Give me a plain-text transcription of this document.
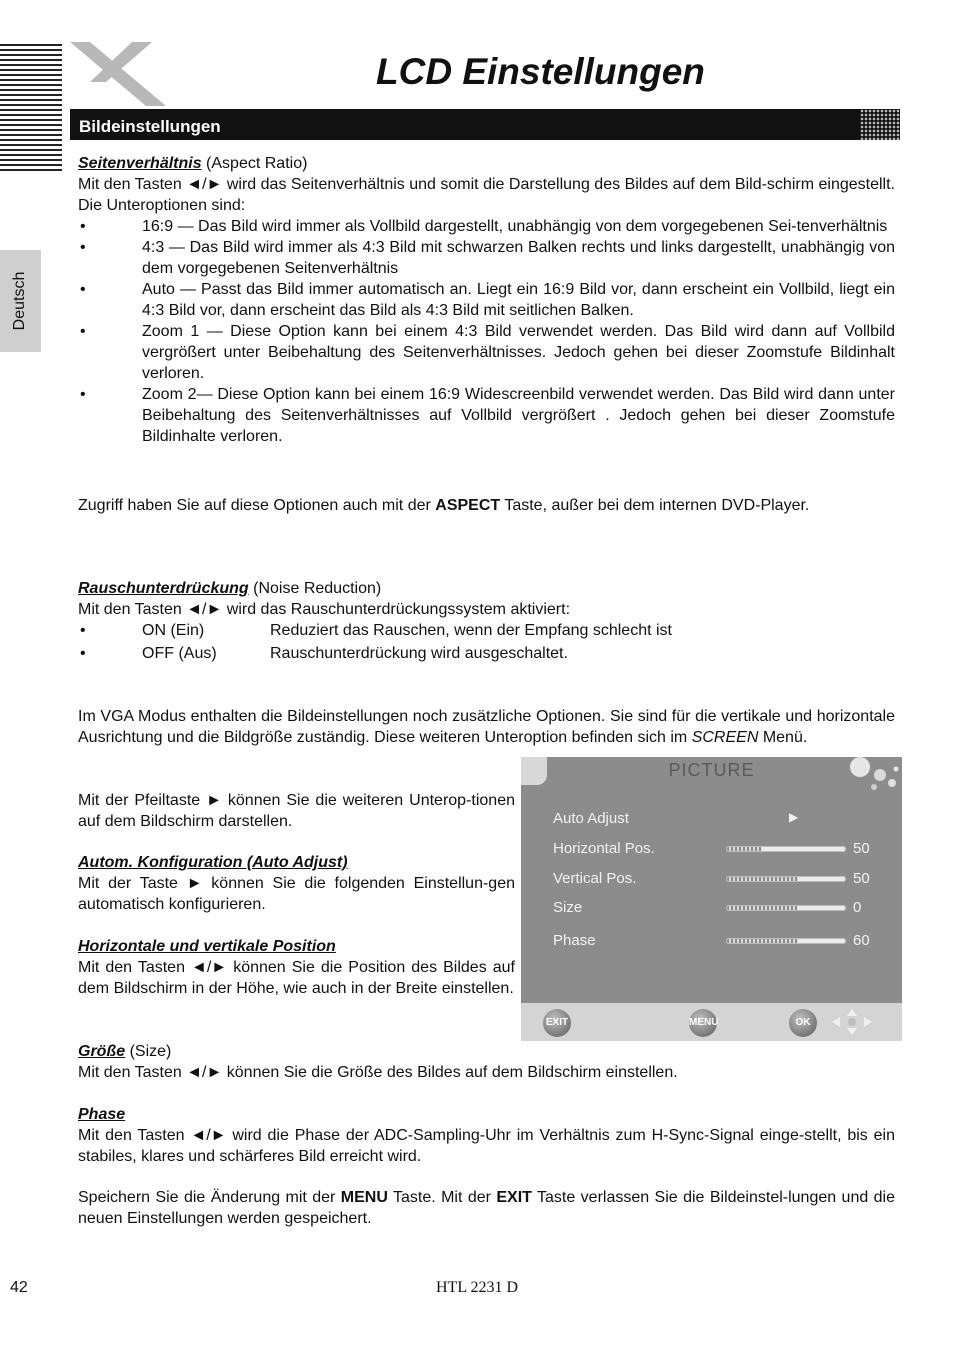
LCD Einstellungen
Bildeinstellungen
Deutsch

Seitenverhältnis (Aspect Ratio)

Mit den Tasten ◄/► wird das Seitenverhältnis und somit die Darstellung des Bildes auf dem Bild-schirm eingestellt. Die Unteroptionen sind:

•	16:9 — Das Bild wird immer als Vollbild dargestellt, unabhängig von dem vorgegebenen Sei-tenverhältnis
•	4:3 — Das Bild wird immer als 4:3 Bild mit schwarzen Balken rechts und links dargestellt, unabhängig von dem vorgegebenen Seitenverhältnis
•	Auto — Passt das Bild immer automatisch an. Liegt ein 16:9 Bild vor, dann erscheint ein Vollbild, liegt ein 4:3 Bild vor, dann erscheint das Bild als 4:3 Bild mit seitlichen Balken.
•	Zoom 1 — Diese Option kann bei einem 4:3 Bild verwendet werden. Das Bild wird dann auf Vollbild vergrößert unter Beibehaltung des Seitenverhältnisses. Jedoch gehen bei dieser Zoomstufe Bildinhalt verloren.
•	Zoom 2— Diese Option kann bei einem 16:9 Widescreenbild verwendet werden. Das Bild wird dann unter Beibehaltung des Seitenverhältnisses auf Vollbild vergrößert . Jedoch gehen bei dieser Zoomstufe Bildinhalte verloren.
Zugriff haben Sie auf diese Optionen auch mit der ASPECT Taste, außer bei dem internen DVD-Player.

Rauschunterdrückung (Noise Reduction)

Mit den Tasten ◄/► wird das Rauschunterdrückungssystem aktiviert:

•	ON (Ein)	Reduziert das Rauschen, wenn der Empfang schlecht ist
•	OFF (Aus)	Rauschunterdrückung wird ausgeschaltet.
Im VGA Modus enthalten die Bildeinstellungen noch zusätzliche Optionen. Sie sind für die vertikale und horizontale Ausrichtung und die Bildgröße zuständig. Diese weiteren Unteroption befinden sich im SCREEN Menü.

Mit der Pfeiltaste ► können Sie die weiteren Unterop-tionen auf dem Bildschirm darstellen.

Autom. Konfiguration (Auto Adjust)

Mit der Taste ► können Sie die folgenden Einstellun-gen automatisch konfigurieren.

Horizontale und vertikale Position

Mit den Tasten ◄/► können Sie die Position des Bildes auf dem Bildschirm in der Höhe, wie auch in der Breite einstellen.

PICTURE
Auto Adjust	▶
Horizontal Pos.	50
Vertical Pos.	50
Size	0
Phase	60
EXIT	MENU	OK

Größe (Size)

Mit den Tasten ◄/► können Sie die Größe des Bildes auf dem Bildschirm einstellen.

Phase

Mit den Tasten ◄/► wird die Phase der ADC-Sampling-Uhr im Verhältnis zum H-Sync-Signal einge-stellt, bis ein stabiles, klares und schärferes Bild erreicht wird.

Speichern Sie die Änderung mit der MENU Taste. Mit der EXIT Taste verlassen Sie die Bildeinstel-lungen und die neuen Einstellungen werden gespeichert.
42	HTL 2231 D
